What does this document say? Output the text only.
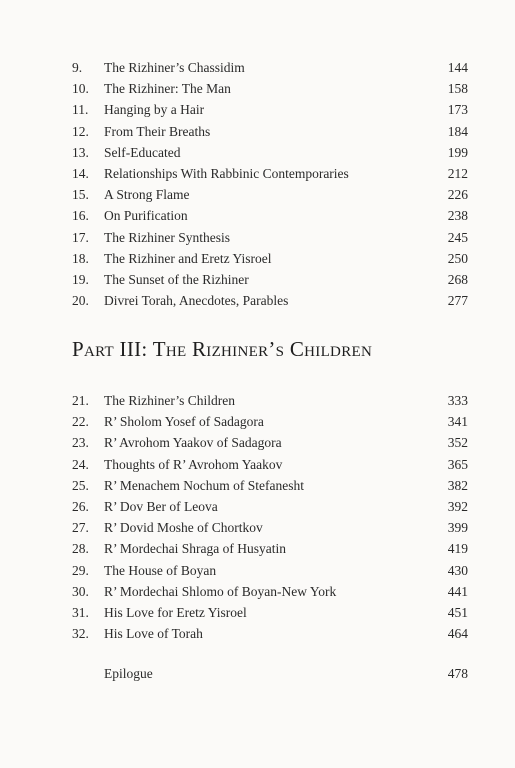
9.	The Rizhiner’s Chassidim	144
10.	The Rizhiner: The Man	158
11.	Hanging by a Hair	173
12.	From Their Breaths	184
13.	Self-Educated	199
14.	Relationships With Rabbinic Contemporaries	212
15.	A Strong Flame	226
16.	On Purification	238
17.	The Rizhiner Synthesis	245
18.	The Rizhiner and Eretz Yisroel	250
19.	The Sunset of the Rizhiner	268
20.	Divrei Torah, Anecdotes, Parables	277
Part III: The Rizhiner’s Children
21.	The Rizhiner’s Children	333
22.	R’ Sholom Yosef of Sadagora	341
23.	R’ Avrohom Yaakov of Sadagora	352
24.	Thoughts of R’ Avrohom Yaakov	365
25.	R’ Menachem Nochum of Stefanesht	382
26.	R’ Dov Ber of Leova	392
27.	R’ Dovid Moshe of Chortkov	399
28.	R’ Mordechai Shraga of Husyatin	419
29.	The House of Boyan	430
30.	R’ Mordechai Shlomo of Boyan-New York	441
31.	His Love for Eretz Yisroel	451
32.	His Love of Torah	464
Epilogue	478
